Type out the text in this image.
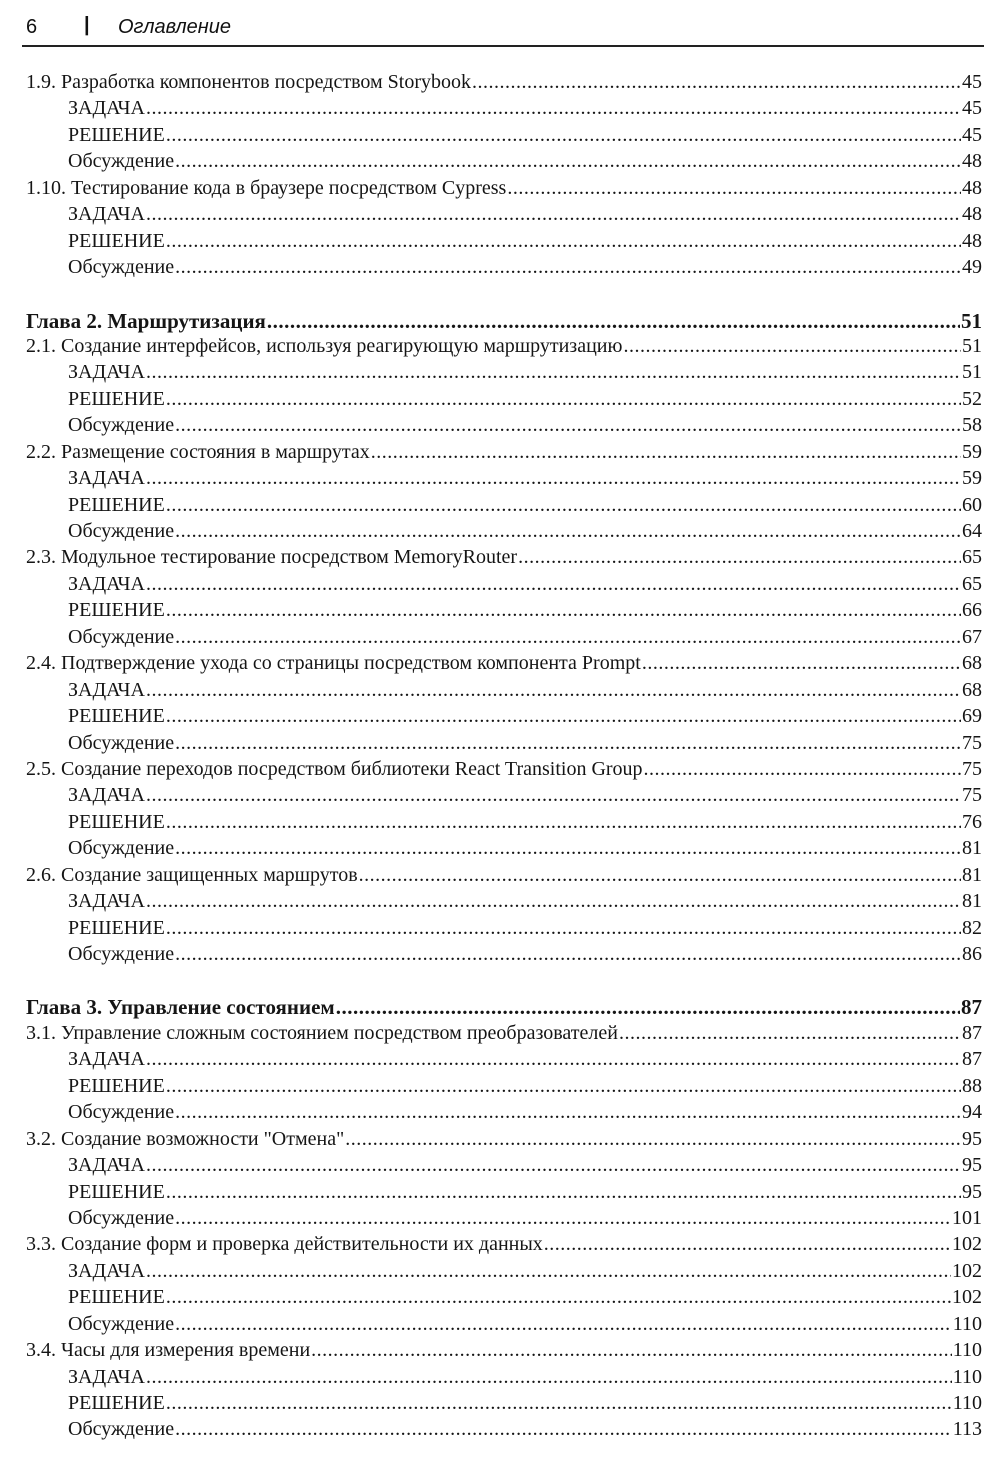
6 | Оглавление
1.9. Разработка компонентов посредством Storybook .....	45
ЗАДАЧА .....	45
РЕШЕНИЕ .....	45
Обсуждение .....	48
1.10. Тестирование кода в браузере посредством Cypress .....	48
ЗАДАЧА .....	48
РЕШЕНИЕ .....	48
Обсуждение .....	49
Глава 2. Маршрутизация .....	51
2.1. Создание интерфейсов, используя реагирующую маршрутизацию .....	51
ЗАДАЧА .....	51
РЕШЕНИЕ .....	52
Обсуждение .....	58
2.2. Размещение состояния в маршрутах .....	59
ЗАДАЧА .....	59
РЕШЕНИЕ .....	60
Обсуждение .....	64
2.3. Модульное тестирование посредством MemoryRouter .....	65
ЗАДАЧА .....	65
РЕШЕНИЕ .....	66
Обсуждение .....	67
2.4. Подтверждение ухода со страницы посредством компонента Prompt .....	68
ЗАДАЧА .....	68
РЕШЕНИЕ .....	69
Обсуждение .....	75
2.5. Создание переходов посредством библиотеки React Transition Group .....	75
ЗАДАЧА .....	75
РЕШЕНИЕ .....	76
Обсуждение .....	81
2.6. Создание защищенных маршрутов .....	81
ЗАДАЧА .....	81
РЕШЕНИЕ .....	82
Обсуждение .....	86
Глава 3. Управление состоянием .....	87
3.1. Управление сложным состоянием посредством преобразователей .....	87
ЗАДАЧА .....	87
РЕШЕНИЕ .....	88
Обсуждение .....	94
3.2. Создание возможности "Отмена" .....	95
ЗАДАЧА .....	95
РЕШЕНИЕ .....	95
Обсуждение .....	101
3.3. Создание форм и проверка действительности их данных .....	102
ЗАДАЧА .....	102
РЕШЕНИЕ .....	102
Обсуждение .....	110
3.4. Часы для измерения времени .....	110
ЗАДАЧА .....	110
РЕШЕНИЕ .....	110
Обсуждение .....	113
